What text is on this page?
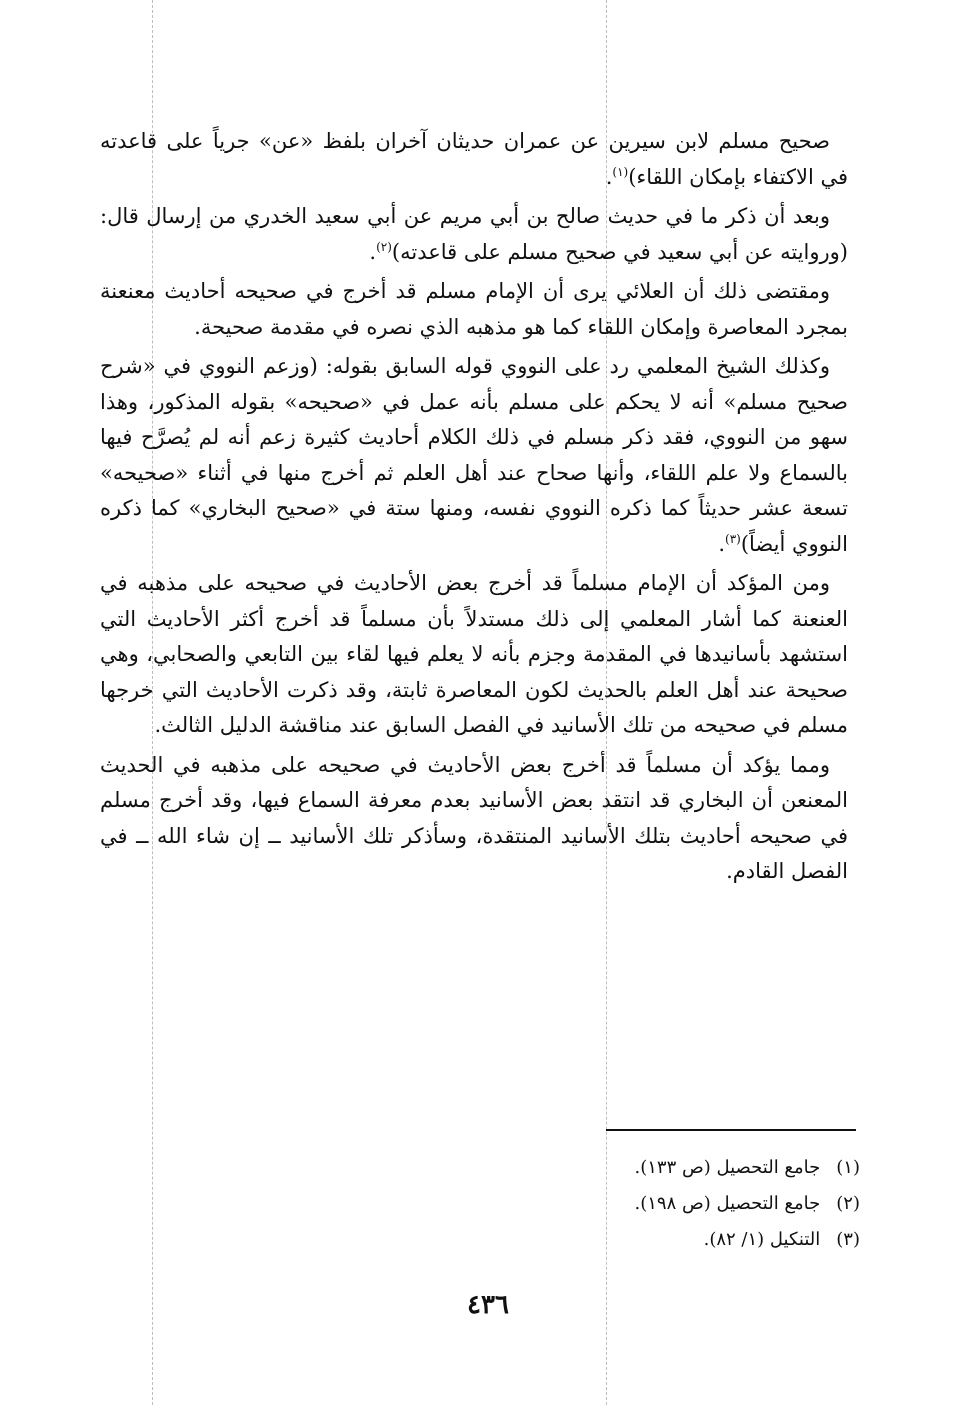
صحيح مسلم لابن سيرين عن عمران حديثان آخران بلفظ «عن» جرياً على قاعدته في الاكتفاء بإمكان اللقاء)$^{(١)}$.

وبعد أن ذكر ما في حديث صالح بن أبي مريم عن أبي سعيد الخدري من إرسال قال: (وروايته عن أبي سعيد في صحيح مسلم على قاعدته)$^{(٢)}$.

ومقتضى ذلك أن العلائي يرى أن الإمام مسلم قد أخرج في صحيحه أحاديث معنعنة بمجرد المعاصرة وإمكان اللقاء كما هو مذهبه الذي نصره في مقدمة صحيحة.

وكذلك الشيخ المعلمي رد على النووي قوله السابق بقوله: (وزعم النووي في «شرح صحيح مسلم» أنه لا يحكم على مسلم بأنه عمل في «صحيحه» بقوله المذكور، وهذا سهو من النووي، فقد ذكر مسلم في ذلك الكلام أحاديث كثيرة زعم أنه لم يُصرَّح فيها بالسماع ولا علم اللقاء، وأنها صحاح عند أهل العلم ثم أخرج منها في أثناء «صحيحه» تسعة عشر حديثاً كما ذكره النووي نفسه، ومنها ستة في «صحيح البخاري» كما ذكره النووي أيضاً)$^{(٣)}$.

ومن المؤكد أن الإمام مسلماً قد أخرج بعض الأحاديث في صحيحه على مذهبه في العنعنة كما أشار المعلمي إلى ذلك مستدلاً بأن مسلماً قد أخرج أكثر الأحاديث التي استشهد بأسانيدها في المقدمة وجزم بأنه لا يعلم فيها لقاء بين التابعي والصحابي، وهي صحيحة عند أهل العلم بالحديث لكون المعاصرة ثابتة، وقد ذكرت الأحاديث التي خرجها مسلم في صحيحه من تلك الأسانيد في الفصل السابق عند مناقشة الدليل الثالث.

ومما يؤكد أن مسلماً قد أخرج بعض الأحاديث في صحيحه على مذهبه في الحديث المعنعن أن البخاري قد انتقد بعض الأسانيد بعدم معرفة السماع فيها، وقد أخرج مسلم في صحيحه أحاديث بتلك الأسانيد المنتقدة، وسأذكر تلك الأسانيد ــ إن شاء الله ــ في الفصل القادم.

(١)
جامع التحصيل (ص ١٣٣).
(٢)
جامع التحصيل (ص ١٩٨).
(٣)
التنكيل (١/ ٨٢).
٤٣٦
